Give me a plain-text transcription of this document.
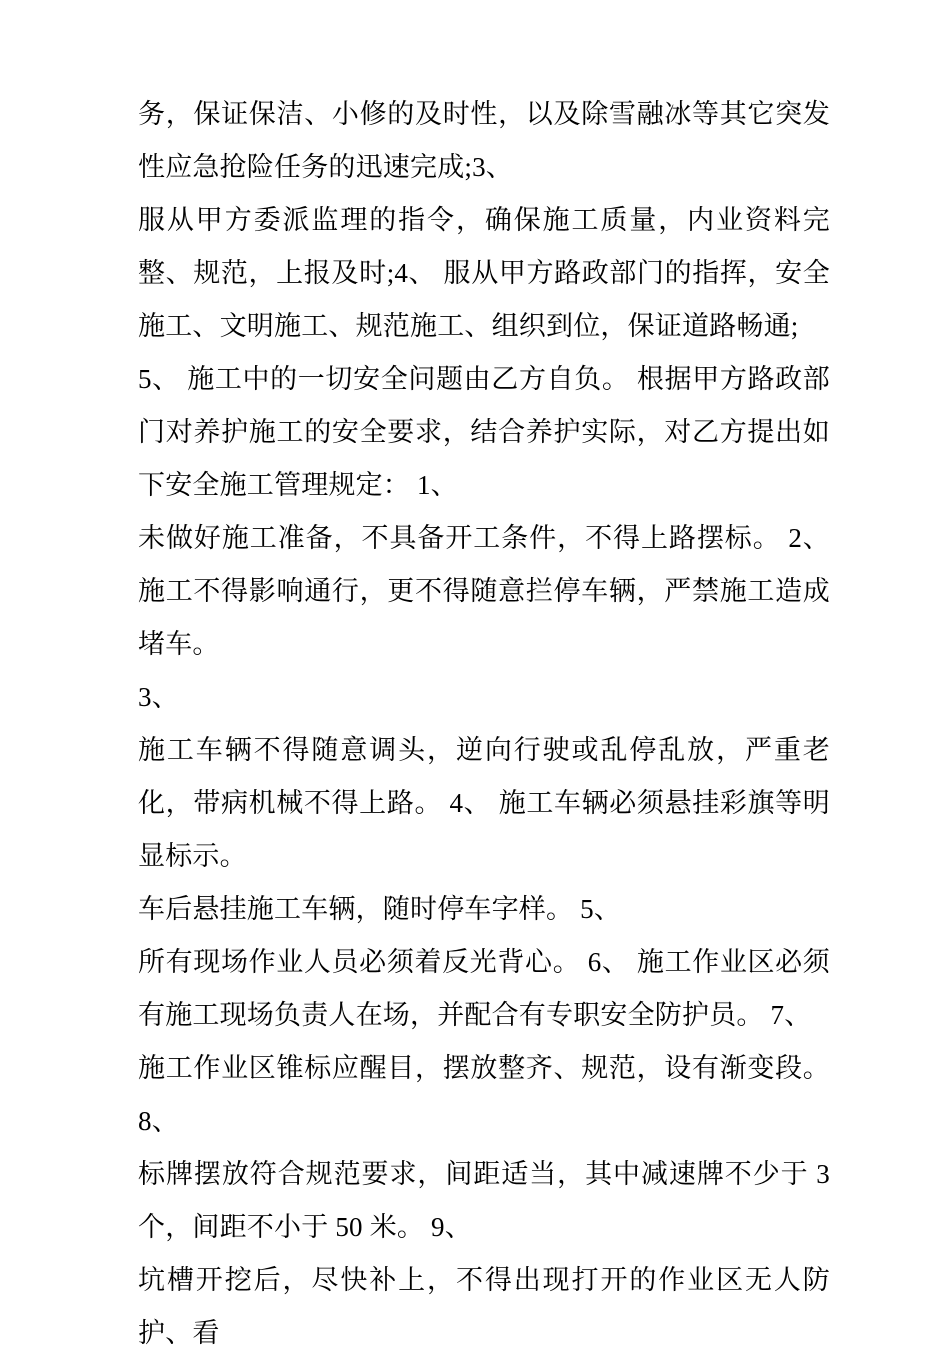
务，保证保洁、小修的及时性，以及除雪融冰等其它突发性应急抢险任务的迅速完成;3、

服从甲方委派监理的指令，确保施工质量，内业资料完整、规范，上报及时;4、 服从甲方路政部门的指挥，安全施工、文明施工、规范施工、组织到位，保证道路畅通;

5、 施工中的一切安全问题由乙方自负。 根据甲方路政部门对养护施工的安全要求，结合养护实际，对乙方提出如下安全施工管理规定： 1、

未做好施工准备，不具备开工条件，不得上路摆标。 2、 施工不得影响通行，更不得随意拦停车辆，严禁施工造成堵车。

3、

施工车辆不得随意调头，逆向行驶或乱停乱放，严重老化，带病机械不得上路。 4、 施工车辆必须悬挂彩旗等明显标示。

车后悬挂施工车辆，随时停车字样。 5、

所有现场作业人员必须着反光背心。 6、 施工作业区必须有施工现场负责人在场，并配合有专职安全防护员。 7、

施工作业区锥标应醒目，摆放整齐、规范，设有渐变段。 8、

标牌摆放符合规范要求，间距适当，其中减速牌不少于 3 个，间距不小于 50 米。 9、

坑槽开挖后，尽快补上，不得出现打开的作业区无人防护、看
